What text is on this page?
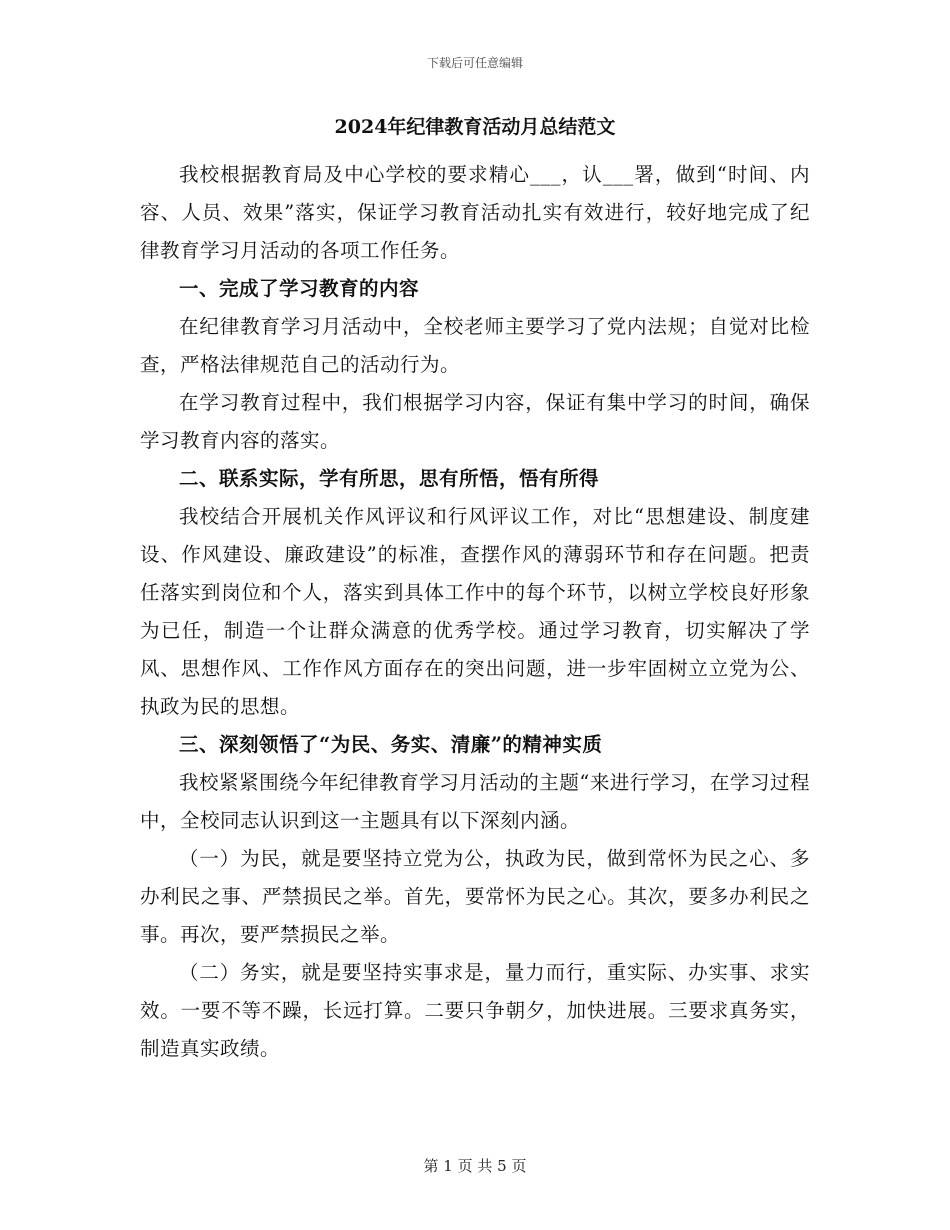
下载后可任意编辑
2024年纪律教育活动月总结范文

我校根据教育局及中心学校的要求精心___，认___署，做到“时间、内容、人员、效果”落实，保证学习教育活动扎实有效进行，较好地完成了纪律教育学习月活动的各项工作任务。

一、完成了学习教育的内容

在纪律教育学习月活动中，全校老师主要学习了党内法规；自觉对比检查，严格法律规范自己的活动行为。

在学习教育过程中，我们根据学习内容，保证有集中学习的时间，确保学习教育内容的落实。

二、联系实际，学有所思，思有所悟，悟有所得

我校结合开展机关作风评议和行风评议工作，对比“思想建设、制度建设、作风建设、廉政建设”的标准，查摆作风的薄弱环节和存在问题。把责任落实到岗位和个人，落实到具体工作中的每个环节，以树立学校良好形象为已任，制造一个让群众满意的优秀学校。通过学习教育，切实解决了学风、思想作风、工作作风方面存在的突出问题，进一步牢固树立立党为公、执政为民的思想。

三、深刻领悟了“为民、务实、清廉”的精神实质

我校紧紧围绕今年纪律教育学习月活动的主题“来进行学习，在学习过程中，全校同志认识到这一主题具有以下深刻内涵。

（一）为民，就是要坚持立党为公，执政为民，做到常怀为民之心、多办利民之事、严禁损民之举。首先，要常怀为民之心。其次，要多办利民之事。再次，要严禁损民之举。

（二）务实，就是要坚持实事求是，量力而行，重实际、办实事、求实效。一要不等不躁，长远打算。二要只争朝夕，加快进展。三要求真务实，制造真实政绩。

第 1 页 共 5 页
